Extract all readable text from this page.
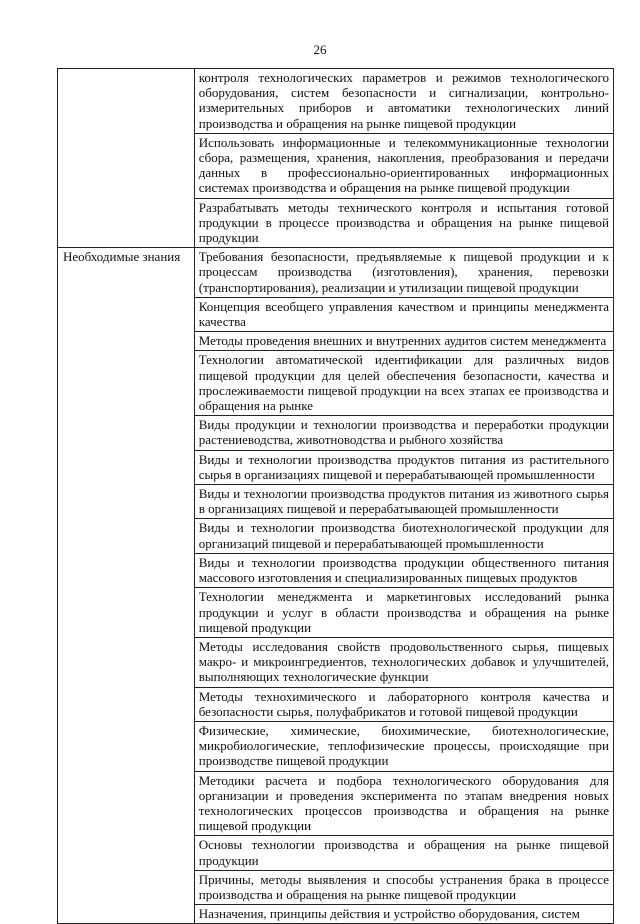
26
	контроля технологических параметров и режимов технологического оборудования, систем безопасности и сигнализации, контрольно-измерительных приборов и автоматики технологических линий производства и обращения на рынке пищевой продукции
	Использовать информационные и телекоммуникационные технологии сбора, размещения, хранения, накопления, преобразования и передачи данных в профессионально-ориентированных информационных системах производства и обращения на рынке пищевой продукции
	Разрабатывать методы технического контроля и испытания готовой продукции в процессе производства и обращения на рынке пищевой продукции
Необходимые знания	Требования безопасности, предъявляемые к пищевой продукции и к процессам производства (изготовления), хранения, перевозки (транспортирования), реализации и утилизации пищевой продукции
	Концепция всеобщего управления качеством и принципы менеджмента качества
	Методы проведения внешних и внутренних аудитов систем менеджмента
	Технологии автоматической идентификации для различных видов пищевой продукции для целей обеспечения безопасности, качества и прослеживаемости пищевой продукции на всех этапах ее производства и обращения на рынке
	Виды продукции и технологии производства и переработки продукции растениеводства, животноводства и рыбного хозяйства
	Виды и технологии производства продуктов питания из растительного сырья в организациях пищевой и перерабатывающей промышленности
	Виды и технологии производства продуктов питания из животного сырья в организациях пищевой и перерабатывающей промышленности
	Виды и технологии производства биотехнологической продукции для организаций пищевой и перерабатывающей промышленности
	Виды и технологии производства продукции общественного питания массового изготовления и специализированных пищевых продуктов
	Технологии менеджмента и маркетинговых исследований рынка продукции и услуг в области производства и обращения на рынке пищевой продукции
	Методы исследования свойств продовольственного сырья, пищевых макро- и микроингредиентов, технологических добавок и улучшителей, выполняющих технологические функции
	Методы технохимического и лабораторного контроля качества и безопасности сырья, полуфабрикатов и готовой пищевой продукции
	Физические, химические, биохимические, биотехнологические, микробиологические, теплофизические процессы, происходящие при производстве пищевой продукции
	Методики расчета и подбора технологического оборудования для организации и проведения эксперимента по этапам внедрения новых технологических процессов производства и обращения на рынке пищевой продукции
	Основы технологии производства и обращения на рынке пищевой продукции
	Причины, методы выявления и способы устранения брака в процессе производства и обращения на рынке пищевой продукции
	Назначения, принципы действия и устройство оборудования, систем
